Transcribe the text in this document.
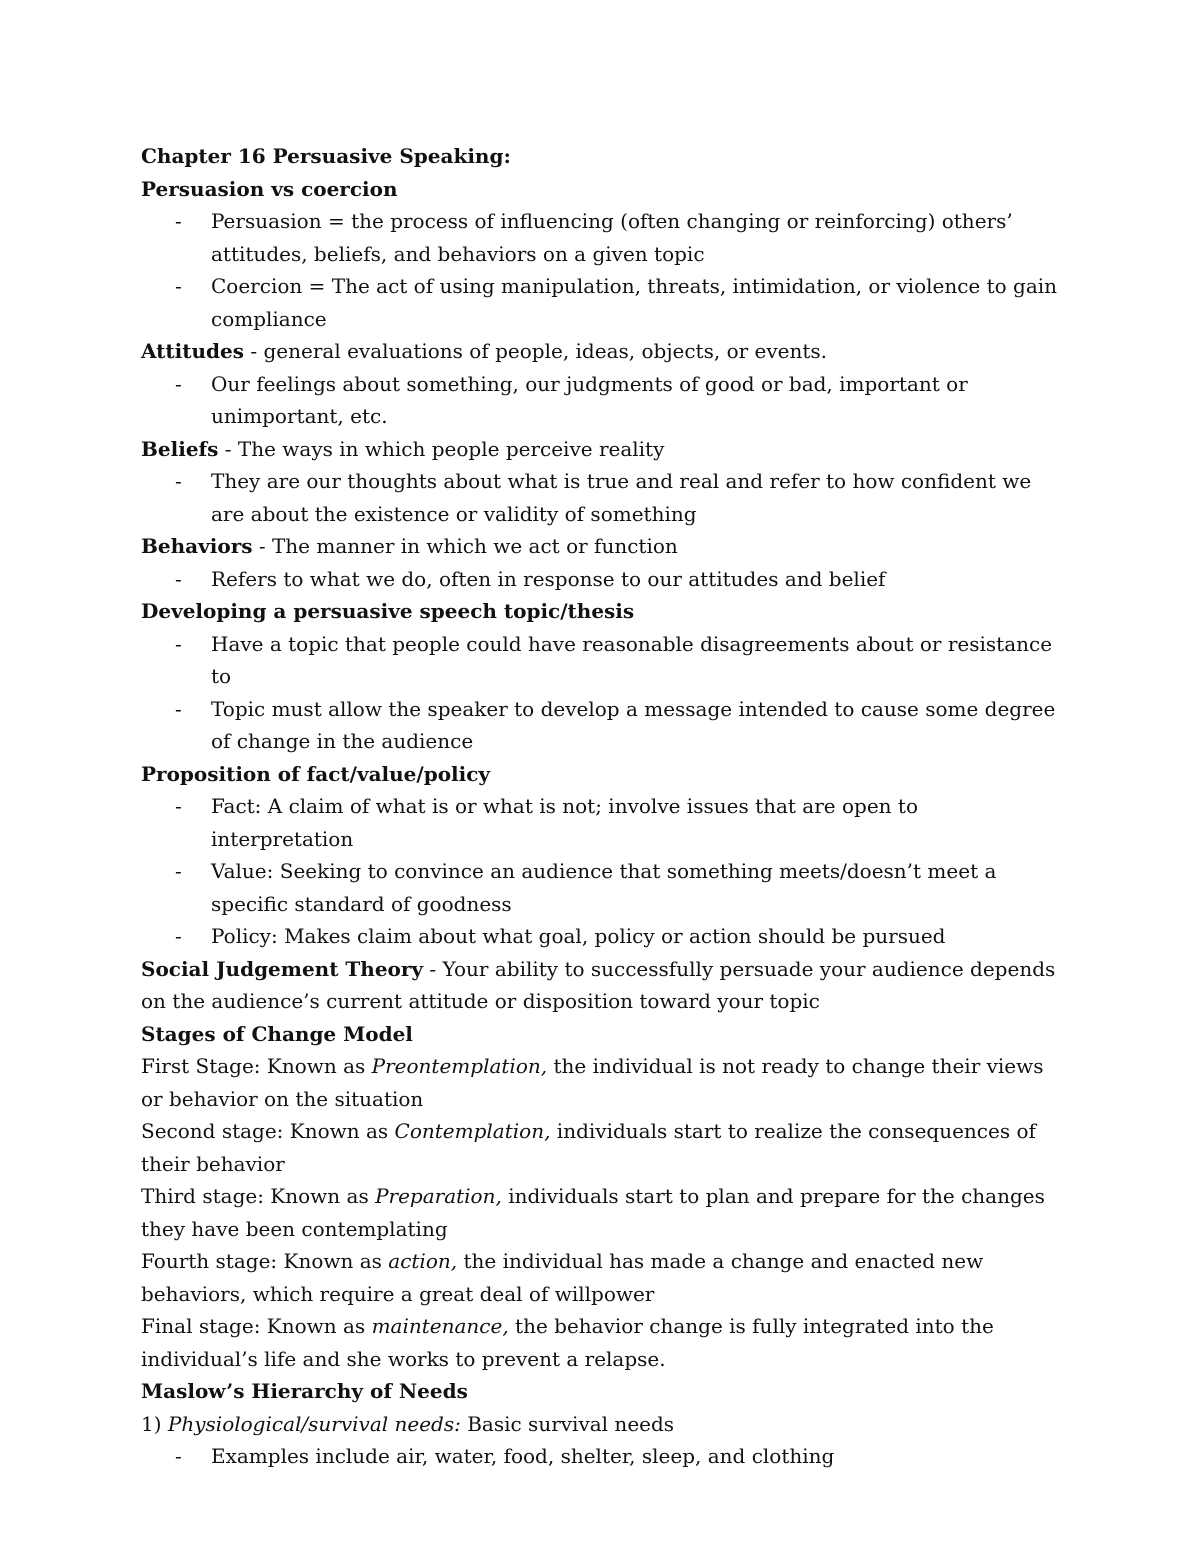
Chapter 16 Persuasive Speaking:

Persuasion vs coercion

- Persuasion = the process of influencing (often changing or reinforcing) others’ attitudes, beliefs, and behaviors on a given topic

- Coercion = The act of using manipulation, threats, intimidation, or violence to gain compliance

Attitudes - general evaluations of people, ideas, objects, or events.

- Our feelings about something, our judgments of good or bad, important or unimportant, etc.

Beliefs - The ways in which people perceive reality

- They are our thoughts about what is true and real and refer to how confident we are about the existence or validity of something

Behaviors - The manner in which we act or function

- Refers to what we do, often in response to our attitudes and belief

Developing a persuasive speech topic/thesis

- Have a topic that people could have reasonable disagreements about or resistance to

- Topic must allow the speaker to develop a message intended to cause some degree of change in the audience

Proposition of fact/value/policy

- Fact: A claim of what is or what is not; involve issues that are open to interpretation

- Value: Seeking to convince an audience that something meets/doesn’t meet a specific standard of goodness

- Policy: Makes claim about what goal, policy or action should be pursued

Social Judgement Theory - Your ability to successfully persuade your audience depends on the audience’s current attitude or disposition toward your topic

Stages of Change Model

First Stage: Known as Preontemplation, the individual is not ready to change their views or behavior on the situation

Second stage: Known as Contemplation, individuals start to realize the consequences of their behavior

Third stage: Known as Preparation, individuals start to plan and prepare for the changes they have been contemplating

Fourth stage: Known as action, the individual has made a change and enacted new behaviors, which require a great deal of willpower

Final stage: Known as maintenance, the behavior change is fully integrated into the individual’s life and she works to prevent a relapse.

Maslow’s Hierarchy of Needs

1) Physiological/survival needs: Basic survival needs

- Examples include air, water, food, shelter, sleep, and clothing
